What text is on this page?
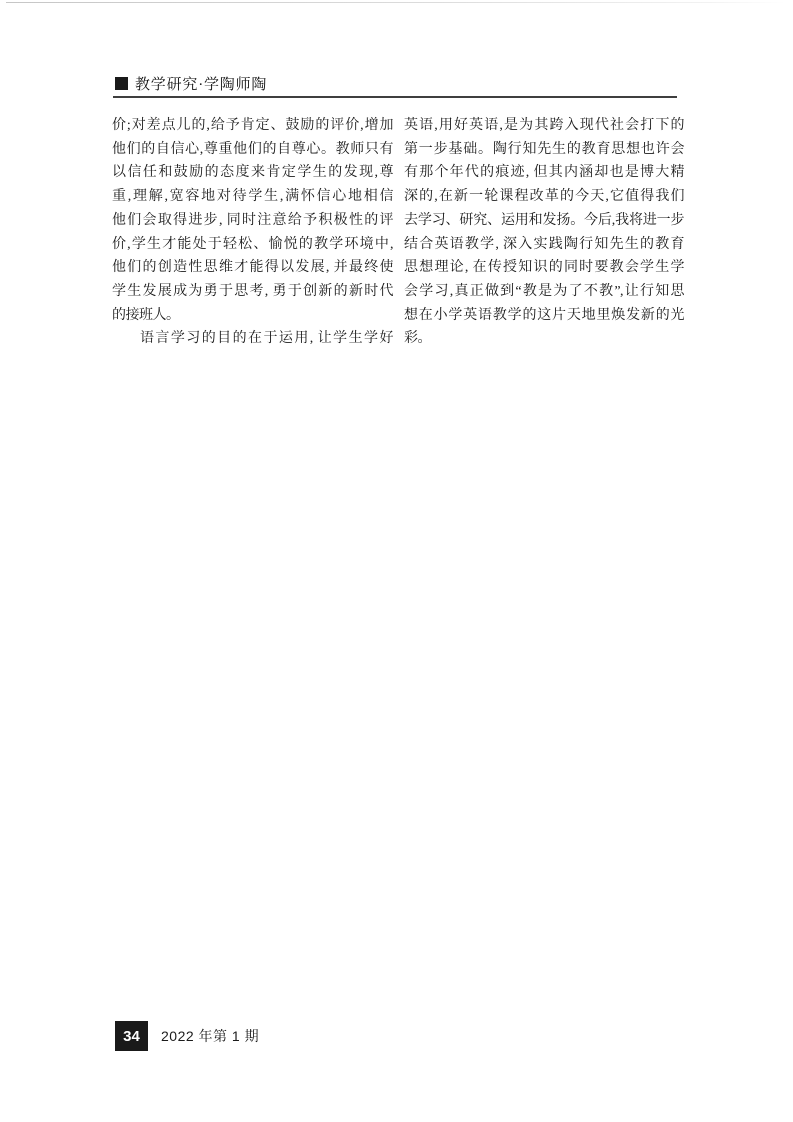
教学研究·学陶师陶
价;对差点儿的,给予肯定、鼓励的评价,增加
他们的自信心,尊重他们的自尊心。教师只有
以信任和鼓励的态度来肯定学生的发现,尊
重,理解,宽容地对待学生,满怀信心地相信
他们会取得进步, 同时注意给予积极性的评
价,学生才能处于轻松、愉悦的教学环境中,
他们的创造性思维才能得以发展, 并最终使
学生发展成为勇于思考, 勇于创新的新时代
的接班人。
语言学习的目的在于运用, 让学生学好
英语,用好英语,是为其跨入现代社会打下的
第一步基础。陶行知先生的教育思想也许会
有那个年代的痕迹, 但其内涵却也是博大精
深的,在新一轮课程改革的今天,它值得我们
去学习、研究、运用和发扬。今后,我将进一步
结合英语教学, 深入实践陶行知先生的教育
思想理论, 在传授知识的同时要教会学生学
会学习,真正做到“教是为了不教”,让行知思
想在小学英语教学的这片天地里焕发新的光
彩。
34	2022 年第 1 期
